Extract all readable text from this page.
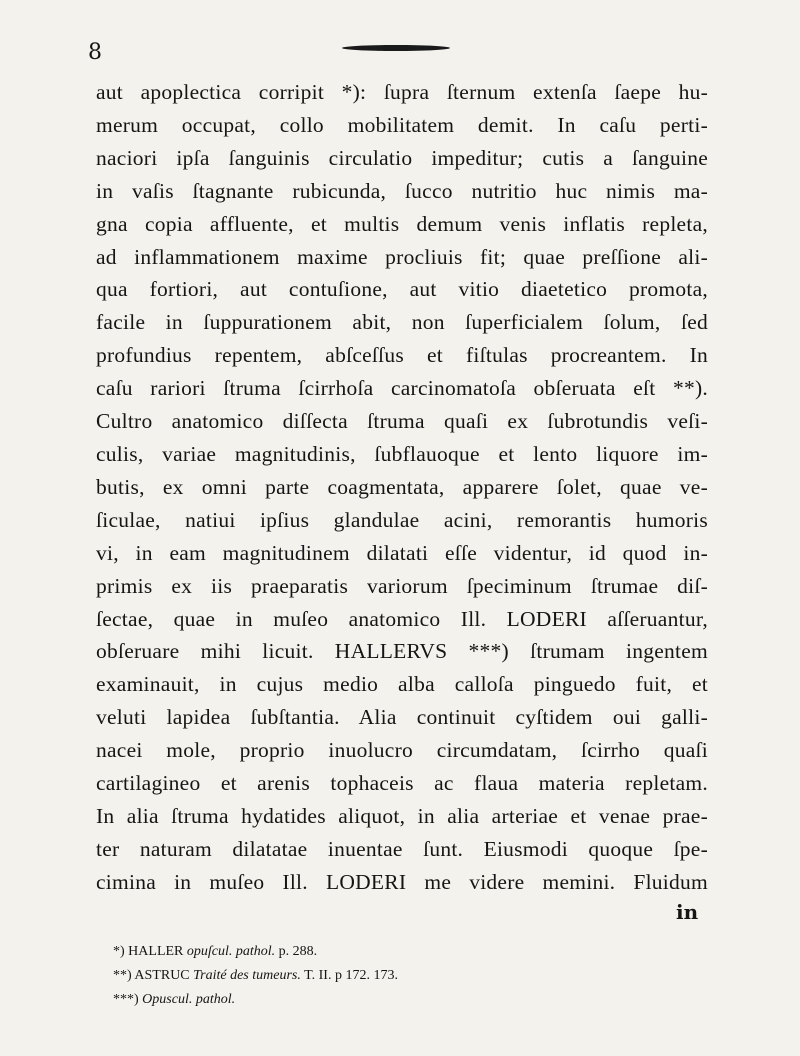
8
aut apoplectica corripit *): ſupra ſternum extenſa ſaepe hu-
merum occupat, collo mobilitatem demit. In caſu perti-
naciori ipſa ſanguinis circulatio impeditur; cutis a ſanguine
in vaſis ſtagnante rubicunda, ſucco nutritio huc nimis ma-
gna copia affluente, et multis demum venis inflatis repleta,
ad inflammationem maxime procliuis fit; quae preſſione ali-
qua fortiori, aut contuſione, aut vitio diaetetico promota,
facile in ſuppurationem abit, non ſuperficialem ſolum, ſed
profundius repentem, abſceſſus et fiſtulas procreantem. In
caſu rariori ſtruma ſcirrhoſa carcinomatoſa obſeruata eſt **).
Cultro anatomico diſſecta ſtruma quaſi ex ſubrotundis veſi-
culis, variae magnitudinis, ſubflauoque et lento liquore im-
butis, ex omni parte coagmentata, apparere ſolet, quae ve-
ſiculae, natiui ipſius glandulae acini, remorantis humoris
vi, in eam magnitudinem dilatati eſſe videntur, id quod in-
primis ex iis praeparatis variorum ſpeciminum ſtrumae diſ-
ſectae, quae in muſeo anatomico Ill. LODERI aſſeruantur,
obſeruare mihi licuit. HALLERVS ***) ſtrumam ingentem
examinauit, in cujus medio alba calloſa pinguedo fuit, et
veluti lapidea ſubſtantia. Alia continuit cyſtidem oui galli-
nacei mole, proprio inuolucro circumdatam, ſcirrho quaſi
cartilagineo et arenis tophaceis ac flaua materia repletam.
In alia ſtruma hydatides aliquot, in alia arteriae et venae prae-
ter naturam dilatatae inuentae ſunt. Eiusmodi quoque ſpe-
cimina in muſeo Ill. LODERI me videre memini. Fluidum
in
*) HALLER opuſcul. pathol. p. 288.
**) ASTRUC Traité des tumeurs. T. II. p 172. 173.
***) Opuscul. pathol.
